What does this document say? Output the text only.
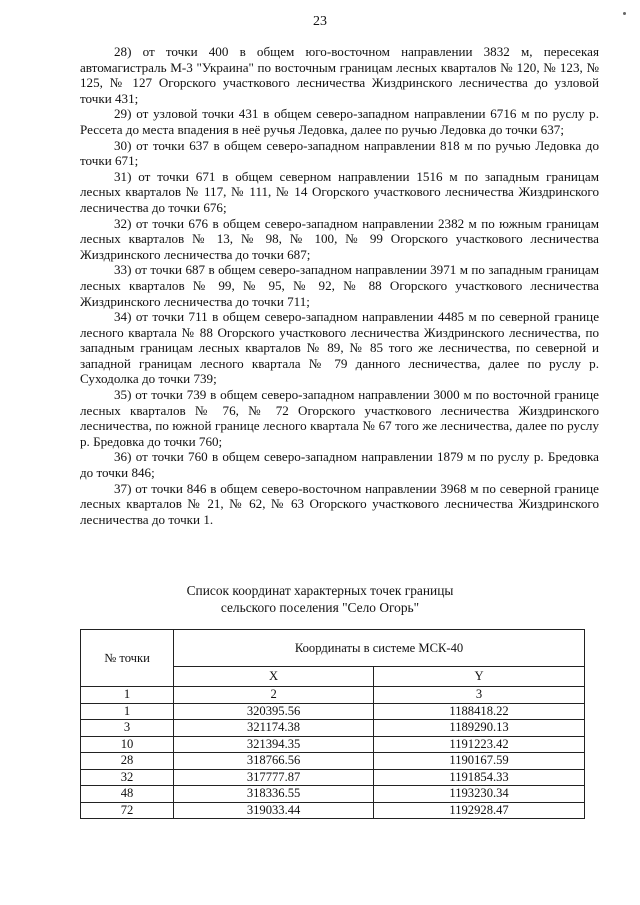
23

28) от точки 400 в общем юго-восточном направлении 3832 м, пересекая автомагистраль М-3 "Украина" по восточным границам лесных кварталов № 120, № 123, № 125, № 127 Огорского участкового лесничества Жиздринского лесничества до узловой точки 431;

29) от узловой точки 431 в общем северо-западном направлении 6716 м по руслу р. Рессета до места впадения в неё ручья Ледовка, далее по ручью Ледовка до точки 637;

30) от точки 637 в общем северо-западном направлении 818 м по ручью Ледовка до точки 671;

31) от точки 671 в общем северном направлении 1516 м по западным границам лесных кварталов № 117, № 111, № 14 Огорского участкового лесничества Жиздринского лесничества до точки 676;

32) от точки 676 в общем северо-западном направлении 2382 м по южным границам лесных кварталов № 13, № 98, № 100, № 99 Огорского участкового лесничества Жиздринского лесничества до точки 687;

33) от точки 687 в общем северо-западном направлении 3971 м по западным границам лесных кварталов № 99, № 95, № 92, № 88 Огорского участкового лесничества Жиздринского лесничества до точки 711;

34) от точки 711 в общем северо-западном направлении 4485 м по северной границе лесного квартала № 88 Огорского участкового лесничества Жиздринского лесничества, по западным границам лесных кварталов № 89, № 85 того же лесничества, по северной и западной границам лесного квартала № 79 данного лесничества, далее по руслу р. Суходолка до точки 739;

35) от точки 739 в общем северо-западном направлении 3000 м по восточной границе лесных кварталов № 76, № 72 Огорского участкового лесничества Жиздринского лесничества, по южной границе лесного квартала № 67 того же лесничества, далее по руслу р. Бредовка до точки 760;

36) от точки 760 в общем северо-западном направлении 1879 м по руслу р. Бредовка до точки 846;

37) от точки 846 в общем северо-восточном направлении 3968 м по северной границе лесных кварталов № 21, № 62, № 63 Огорского участкового лесничества Жиздринского лесничества до точки 1.

Список координат характерных точек границы
сельского поселения "Село Огорь"
№ точки	Координаты в системе МСК-40	
	X	Y
1	2	3
1	320395.56	1188418.22
3	321174.38	1189290.13
10	321394.35	1191223.42
28	318766.56	1190167.59
32	317777.87	1191854.33
48	318336.55	1193230.34
72	319033.44	1192928.47
